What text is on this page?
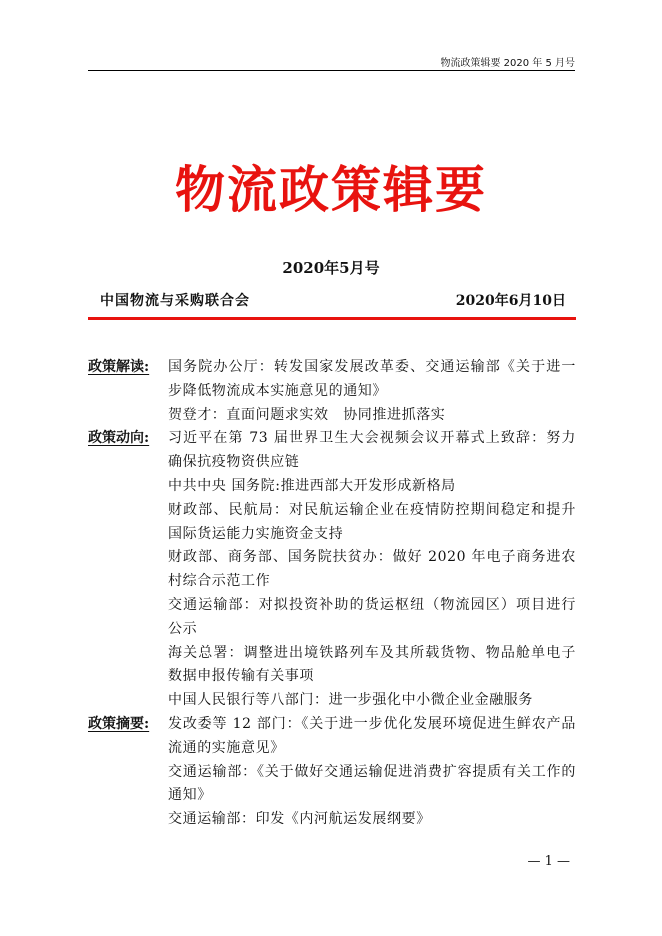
物流政策辑要 2020 年 5 月号
物流政策辑要
2020年5月号
中国物流与采购联合会	2020年6月10日
政策解读: 国务院办公厅：转发国家发展改革委、交通运输部《关于进一步降低物流成本实施意见的通知》
贺登才：直面问题求实效　协同推进抓落实
政策动向: 习近平在第 73 届世界卫生大会视频会议开幕式上致辞：努力确保抗疫物资供应链
中共中央 国务院:推进西部大开发形成新格局
财政部、民航局：对民航运输企业在疫情防控期间稳定和提升国际货运能力实施资金支持
财政部、商务部、国务院扶贫办：做好 2020 年电子商务进农村综合示范工作
交通运输部：对拟投资补助的货运枢纽（物流园区）项目进行公示
海关总署：调整进出境铁路列车及其所载货物、物品舱单电子数据申报传输有关事项
中国人民银行等八部门：进一步强化中小微企业金融服务
政策摘要: 发改委等 12 部门：《关于进一步优化发展环境促进生鲜农产品流通的实施意见》
交通运输部：《关于做好交通运输促进消费扩容提质有关工作的通知》
交通运输部：印发《内河航运发展纲要》
— 1 —
